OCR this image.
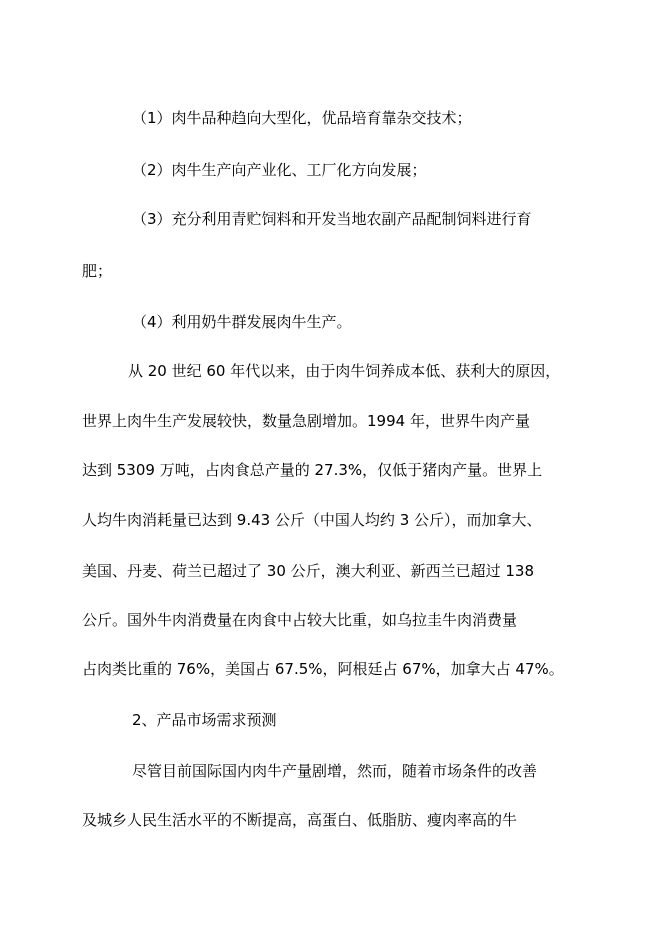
（1）肉牛品种趋向大型化，优品培育靠杂交技术；

（2）肉牛生产向产业化、工厂化方向发展；

（3）充分利用青贮饲料和开发当地农副产品配制饲料进行育

肥；

（4）利用奶牛群发展肉牛生产。

从 20 世纪 60 年代以来，由于肉牛饲养成本低、获利大的原因，

世界上肉牛生产发展较快，数量急剧增加。1994 年，世界牛肉产量

达到 5309 万吨，占肉食总产量的 27.3%，仅低于猪肉产量。世界上

人均牛肉消耗量已达到 9.43 公斤（中国人均约 3 公斤），而加拿大、

美国、丹麦、荷兰已超过了 30 公斤，澳大利亚、新西兰已超过 138

公斤。国外牛肉消费量在肉食中占较大比重，如乌拉圭牛肉消费量

占肉类比重的 76%，美国占 67.5%，阿根廷占 67%，加拿大占 47%。

2、产品市场需求预测

尽管目前国际国内肉牛产量剧增，然而，随着市场条件的改善

及城乡人民生活水平的不断提高，高蛋白、低脂肪、瘦肉率高的牛
